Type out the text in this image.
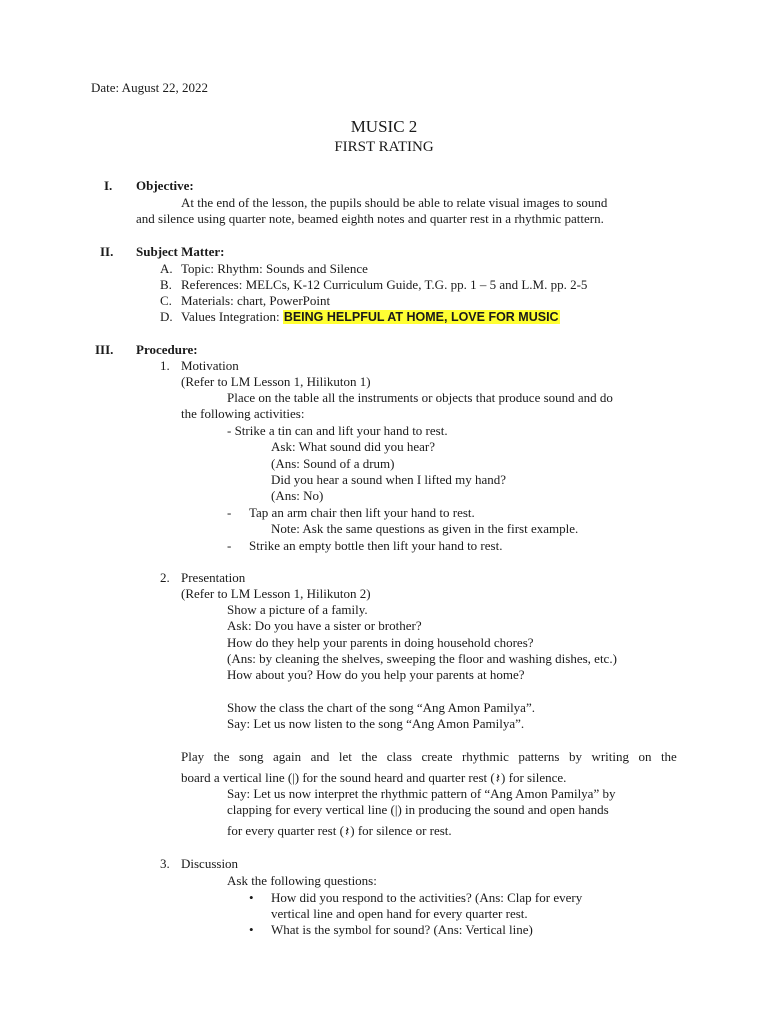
Date: August 22, 2022
MUSIC 2
FIRST RATING
I. Objective:
At the end of the lesson, the pupils should be able to relate visual images to sound
and silence using quarter note, beamed eighth notes and quarter rest in a rhythmic pattern.
II. Subject Matter:
A. Topic: Rhythm: Sounds and Silence
B. References: MELCs, K-12 Curriculum Guide, T.G. pp. 1 – 5 and L.M. pp. 2-5
C. Materials: chart, PowerPoint
D. Values Integration: BEING HELPFUL AT HOME, LOVE FOR MUSIC
III. Procedure:
1. Motivation
(Refer to LM Lesson 1, Hilikuton 1)
Place on the table all the instruments or objects that produce sound and do
the following activities:
- Strike a tin can and lift your hand to rest.
Ask: What sound did you hear?
(Ans: Sound of a drum)
Did you hear a sound when I lifted my hand?
(Ans: No)
- Tap an arm chair then lift your hand to rest.
Note: Ask the same questions as given in the first example.
- Strike an empty bottle then lift your hand to rest.
2. Presentation
(Refer to LM Lesson 1, Hilikuton 2)
Show a picture of a family.
Ask: Do you have a sister or brother?
How do they help your parents in doing household chores?
(Ans: by cleaning the shelves, sweeping the floor and washing dishes, etc.)
How about you? How do you help your parents at home?
Show the class the chart of the song “Ang Amon Pamilya”.
Say: Let us now listen to the song “Ang Amon Pamilya”.
Play the song again and let the class create rhythmic patterns by writing on the
board a vertical line (|) for the sound heard and quarter rest (𝄽) for silence.
Say: Let us now interpret the rhythmic pattern of “Ang Amon Pamilya” by
clapping for every vertical line (|) in producing the sound and open hands
for every quarter rest (𝄽) for silence or rest.
3. Discussion
Ask the following questions:
• How did you respond to the activities? (Ans: Clap for every
vertical line and open hand for every quarter rest.
• What is the symbol for sound? (Ans: Vertical line)
